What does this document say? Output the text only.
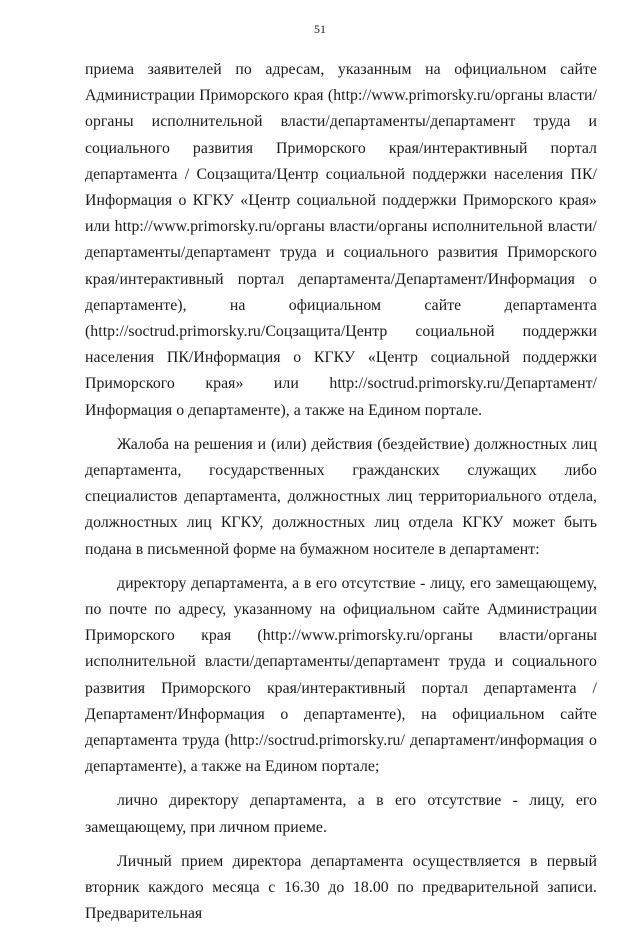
51

приема заявителей по адресам, указанным на официальном сайте Администрации Приморского края (http://www.primorsky.ru/органы власти/органы исполнительной власти/департаменты/департамент труда и социального развития Приморского края/интерактивный портал департамента / Соцзащита/Центр социальной поддержки населения ПК/Информация о КГКУ «Центр социальной поддержки Приморского края» или http://www.primorsky.ru/органы власти/органы исполнительной власти/департаменты/департамент труда и социального развития Приморского края/интерактивный портал департамента/Департамент/Информация о департаменте), на официальном сайте департамента (http://soctrud.primorsky.ru/Соцзащита/Центр социальной поддержки населения ПК/Информация о КГКУ «Центр социальной поддержки Приморского края» или http://soctrud.primorsky.ru/Департамент/Информация о департаменте), а также на Едином портале.

Жалоба на решения и (или) действия (бездействие) должностных лиц департамента, государственных гражданских служащих либо специалистов департамента, должностных лиц территориального отдела, должностных лиц КГКУ, должностных лиц отдела КГКУ может быть подана в письменной форме на бумажном носителе в департамент:

директору департамента, а в его отсутствие - лицу, его замещающему, по почте по адресу, указанному на официальном сайте Администрации Приморского края (http://www.primorsky.ru/органы власти/органы исполнительной власти/департаменты/департамент труда и социального развития Приморского края/интерактивный портал департамента /Департамент/Информация о департаменте), на официальном сайте департамента труда (http://soctrud.primorsky.ru/ департамент/информация о департаменте), а также на Едином портале;

лично директору департамента, а в его отсутствие - лицу, его замещающему, при личном приеме.

Личный прием директора департамента осуществляется в первый вторник каждого месяца с 16.30 до 18.00 по предварительной записи. Предварительная
